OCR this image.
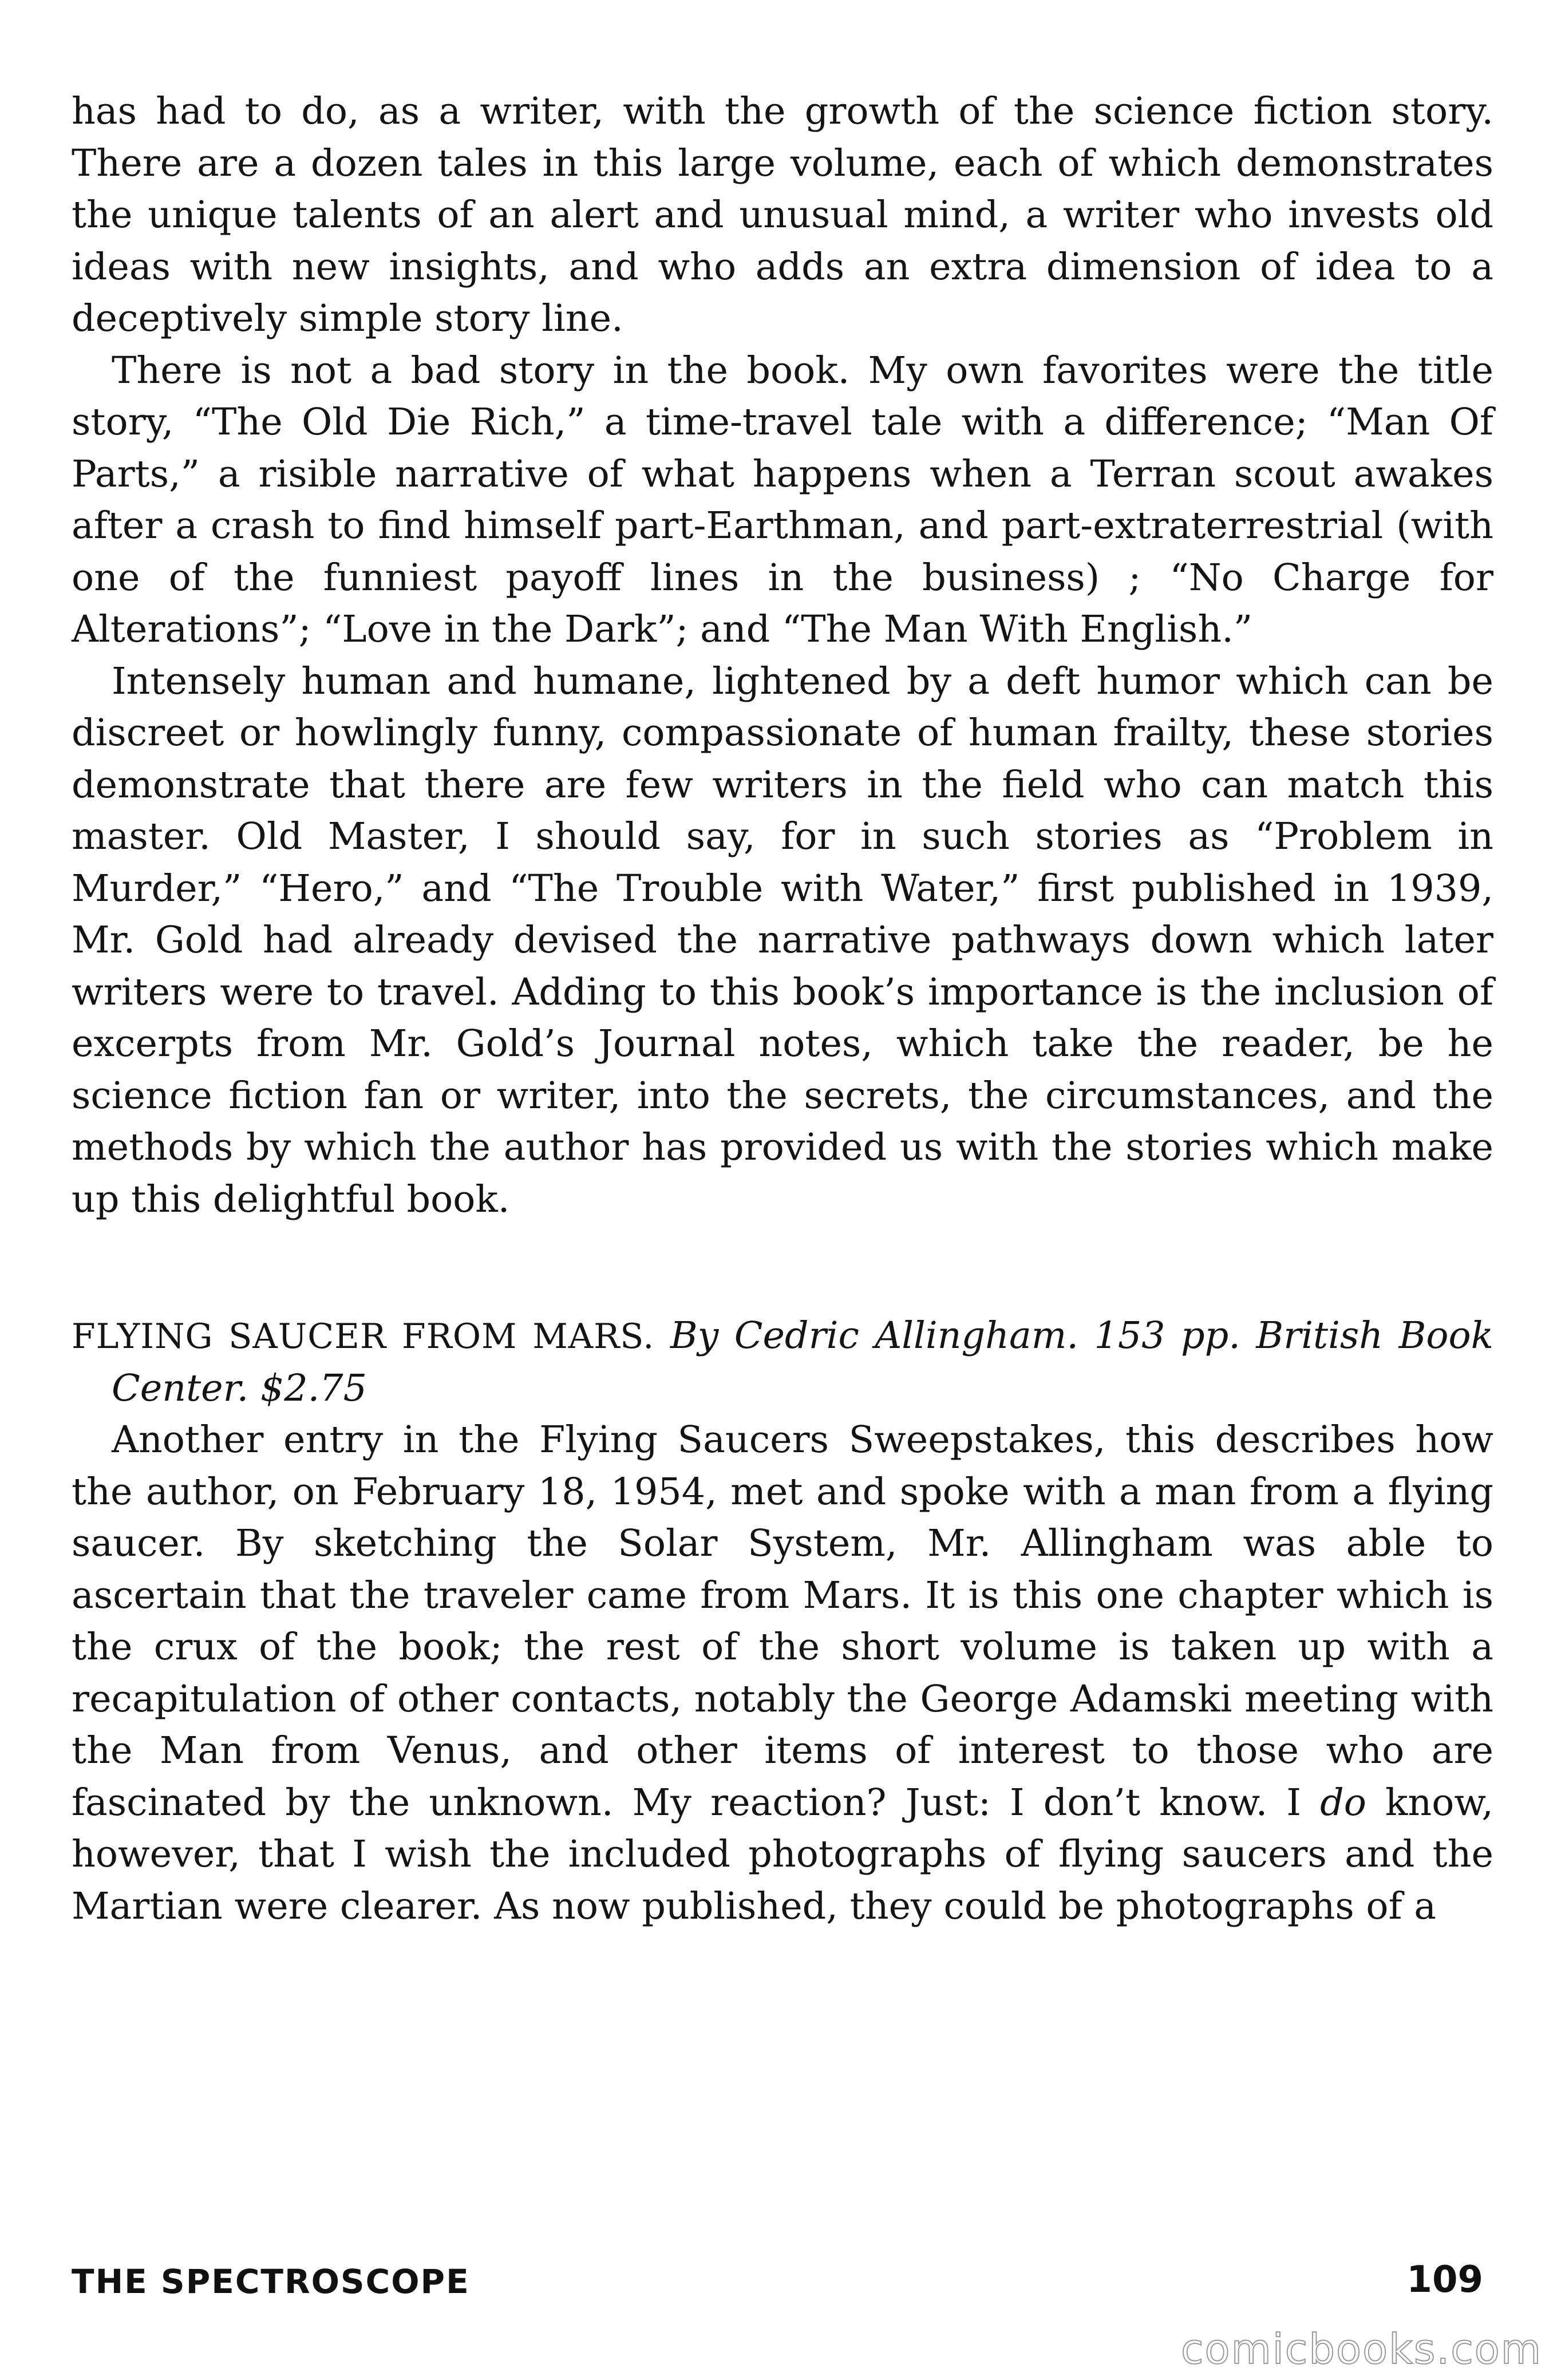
has had to do, as a writer, with the growth of the science fiction story. There are a dozen tales in this large volume, each of which demonstrates the unique talents of an alert and unusual mind, a writer who invests old ideas with new insights, and who adds an extra dimension of idea to a deceptively simple story line.

There is not a bad story in the book. My own favorites were the title story, “The Old Die Rich,” a time-travel tale with a difference; “Man Of Parts,” a risible narrative of what happens when a Terran scout awakes after a crash to find himself part-Earthman, and part-extraterrestrial (with one of the funniest payoff lines in the business) ; “No Charge for Alterations”; “Love in the Dark”; and “The Man With English.”

Intensely human and humane, lightened by a deft humor which can be discreet or howlingly funny, compassionate of human frailty, these stories demonstrate that there are few writers in the field who can match this master. Old Master, I should say, for in such stories as “Problem in Murder,” “Hero,” and “The Trouble with Water,” first published in 1939, Mr. Gold had already devised the narrative pathways down which later writers were to travel. Adding to this book’s importance is the inclusion of excerpts from Mr. Gold’s Journal notes, which take the reader, be he science fiction fan or writer, into the secrets, the circumstances, and the methods by which the author has provided us with the stories which make up this delightful book.

FLYING SAUCER FROM MARS. By Cedric Allingham. 153 pp. British Book Center. $2.75

Another entry in the Flying Saucers Sweepstakes, this describes how the author, on February 18, 1954, met and spoke with a man from a flying saucer. By sketching the Solar System, Mr. Allingham was able to ascertain that the traveler came from Mars. It is this one chapter which is the crux of the book; the rest of the short volume is taken up with a recapitulation of other contacts, notably the George Adamski meeting with the Man from Venus, and other items of interest to those who are fascinated by the unknown. My reaction? Just: I don’t know. I do know, however, that I wish the included photographs of flying saucers and the Martian were clearer. As now published, they could be photographs of a

THE SPECTROSCOPE	109
comicbooks.com
